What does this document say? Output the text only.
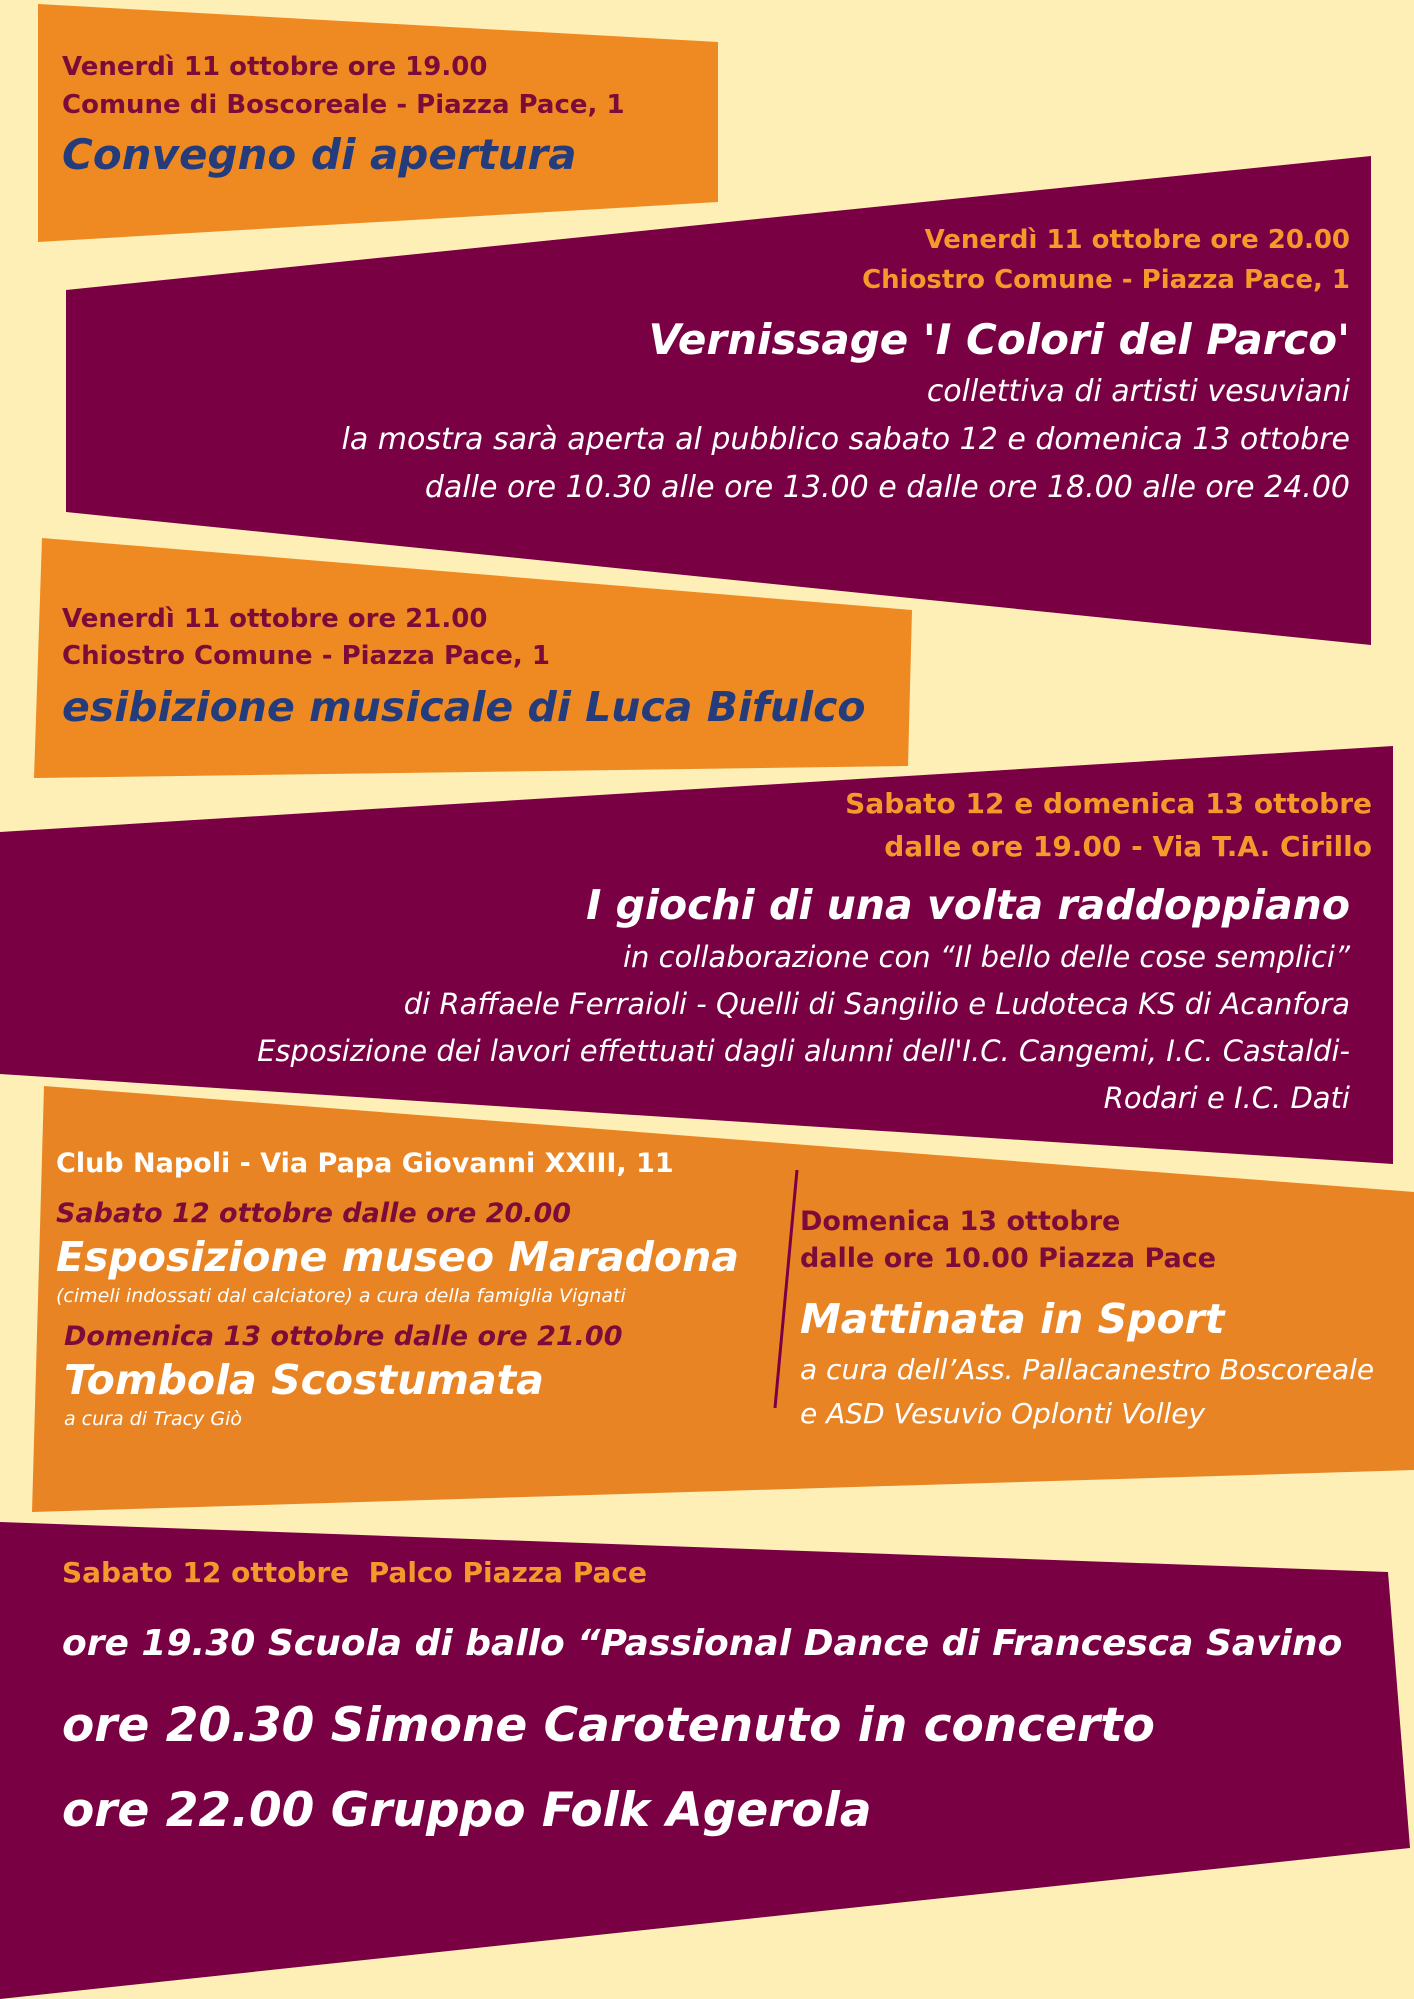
Venerdì 11 ottobre ore 19.00
Comune di Boscoreale - Piazza Pace, 1
Convegno di apertura
Venerdì 11 ottobre ore 20.00
Chiostro Comune - Piazza Pace, 1
Vernissage 'I Colori del Parco'
collettiva di artisti vesuviani
la mostra sarà aperta al pubblico sabato 12 e domenica 13 ottobre
dalle ore 10.30 alle ore 13.00 e dalle ore 18.00 alle ore 24.00
Venerdì 11 ottobre ore 21.00
Chiostro Comune - Piazza Pace, 1
esibizione musicale di Luca Bifulco
Sabato 12 e domenica 13 ottobre
dalle ore 19.00 - Via T.A. Cirillo
I giochi di una volta raddoppiano
in collaborazione con “Il bello delle cose semplici”
di Raffaele Ferraioli - Quelli di Sangilio e Ludoteca KS di Acanfora
Esposizione dei lavori effettuati dagli alunni dell'I.C. Cangemi, I.C. Castaldi-
Rodari e I.C. Dati
Club Napoli - Via Papa Giovanni XXIII, 11
Sabato 12 ottobre dalle ore 20.00
Esposizione museo Maradona
(cimeli indossati dal calciatore) a cura della famiglia Vignati
Domenica 13 ottobre dalle ore 21.00
Tombola Scostumata
a cura di Tracy Giò
Domenica 13 ottobre
dalle ore 10.00 Piazza Pace
Mattinata in Sport
a cura dell’Ass. Pallacanestro Boscoreale
e ASD Vesuvio Oplonti Volley
Sabato 12 ottobre  Palco Piazza Pace
ore 19.30 Scuola di ballo “Passional Dance di Francesca Savino
ore 20.30 Simone Carotenuto in concerto
ore 22.00 Gruppo Folk Agerola
